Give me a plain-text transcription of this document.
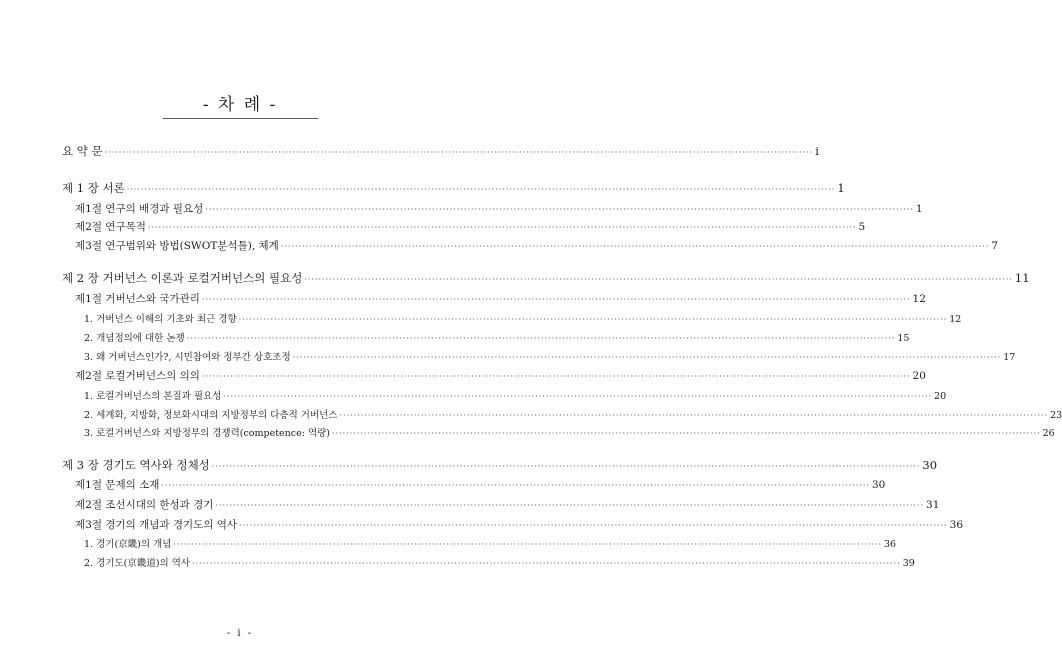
- 차 례 -
요 약 문 ········································································································································································································ i
제 1 장 서론 ········································································································································································································ 1
제1절 연구의 배경과 필요성 ········································································································································································································ 1
제2절 연구목적 ········································································································································································································ 5
제3절 연구범위와 방법(SWOT분석틀), 체계 ········································································································································································································ 7
제 2 장 거버넌스 이론과 로컬거버넌스의 필요성 ········································································································································································································ 11
제1절 거버넌스와 국가관리 ········································································································································································································ 12
1. 거버넌스 이해의 기초와 최근 경향 ········································································································································································································ 12
2. 개념정의에 대한 논쟁 ········································································································································································································ 15
3. 왜 거버넌스인가?, 시민참여와 정부간 상호조정 ········································································································································································································ 17
제2절 로컬거버넌스의 의의 ········································································································································································································ 20
1. 로컬거버넌스의 본질과 필요성 ········································································································································································································ 20
2. 세계화, 지방화, 정보화시대의 지방정부의 다층적 거버넌스 ········································································································································································································ 23
3. 로컬거버넌스와 지방정부의 경쟁력(competence: 역량) ········································································································································································································ 26
제 3 장 경기도 역사와 정체성 ········································································································································································································ 30
제1절 문제의 소재 ········································································································································································································ 30
제2절 조선시대의 한성과 경기 ········································································································································································································ 31
제3절 경기의 개념과 경기도의 역사 ········································································································································································································ 36
1. 경기(京畿)의 개념 ········································································································································································································ 36
2. 경기도(京畿道)의 역사 ········································································································································································································ 39
- i -
